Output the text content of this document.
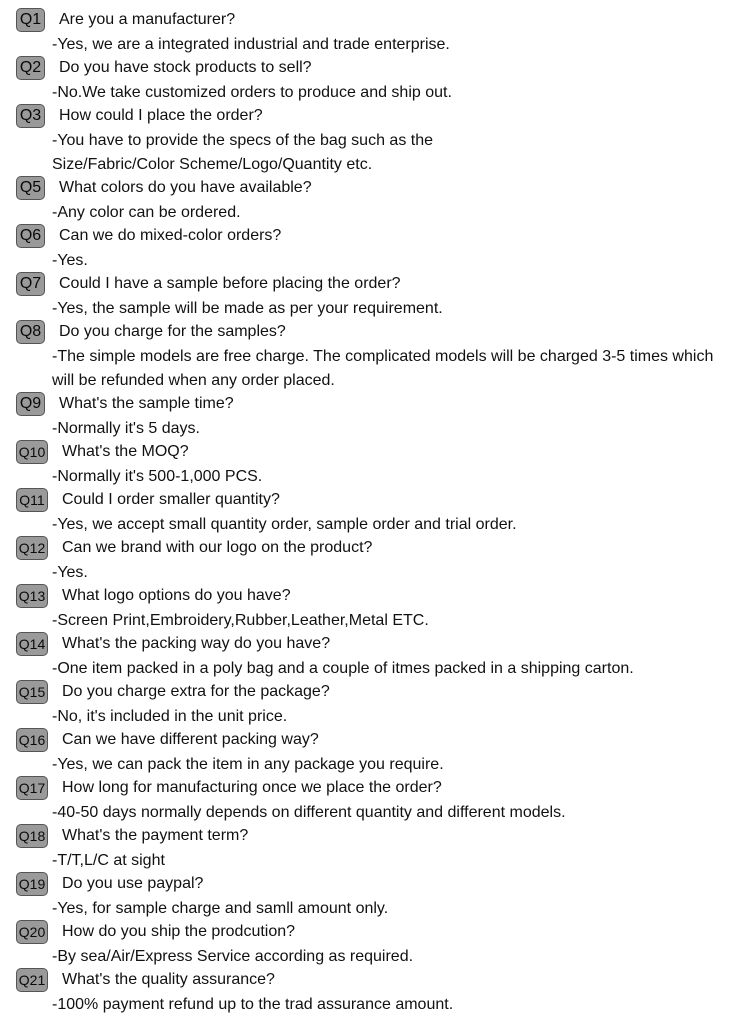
Q1 Are you a manufacturer?
-Yes, we are a integrated industrial and trade enterprise.
Q2 Do you have stock products to sell?
-No.We take customized orders to produce and ship out.
Q3 How could I place the order?
-You have to provide the specs of the bag such as the
Size/Fabric/Color Scheme/Logo/Quantity etc.
Q5 What colors do you have available?
-Any color can be ordered.
Q6 Can we do mixed-color orders?
-Yes.
Q7 Could I have a sample before placing the order?
-Yes, the sample will be made as per your requirement.
Q8 Do you charge for the samples?
-The simple models are free charge. The complicated models will be charged 3-5 times which
will be refunded when any order placed.
Q9 What's the sample time?
-Normally it's 5 days.
Q10 What's the MOQ?
-Normally it's 500-1,000 PCS.
Q11 Could I order smaller quantity?
-Yes, we accept small quantity order, sample order and trial order.
Q12 Can we brand with our logo on the product?
-Yes.
Q13 What logo options do you have?
-Screen Print,Embroidery,Rubber,Leather,Metal ETC.
Q14 What's the packing way do you have?
-One item packed in a poly bag and a couple of itmes packed in a shipping carton.
Q15 Do you charge extra for the package?
-No, it's included in the unit price.
Q16 Can we have different packing way?
-Yes, we can pack the item in any package you require.
Q17 How long for manufacturing once we place the order?
-40-50 days normally depends on different quantity and different models.
Q18 What's the payment term?
-T/T,L/C at sight
Q19 Do you use paypal?
-Yes, for sample charge and samll amount only.
Q20 How do you ship the prodcution?
-By sea/Air/Express Service according as required.
Q21 What's the quality assurance?
-100% payment refund up to the trad assurance amount.
